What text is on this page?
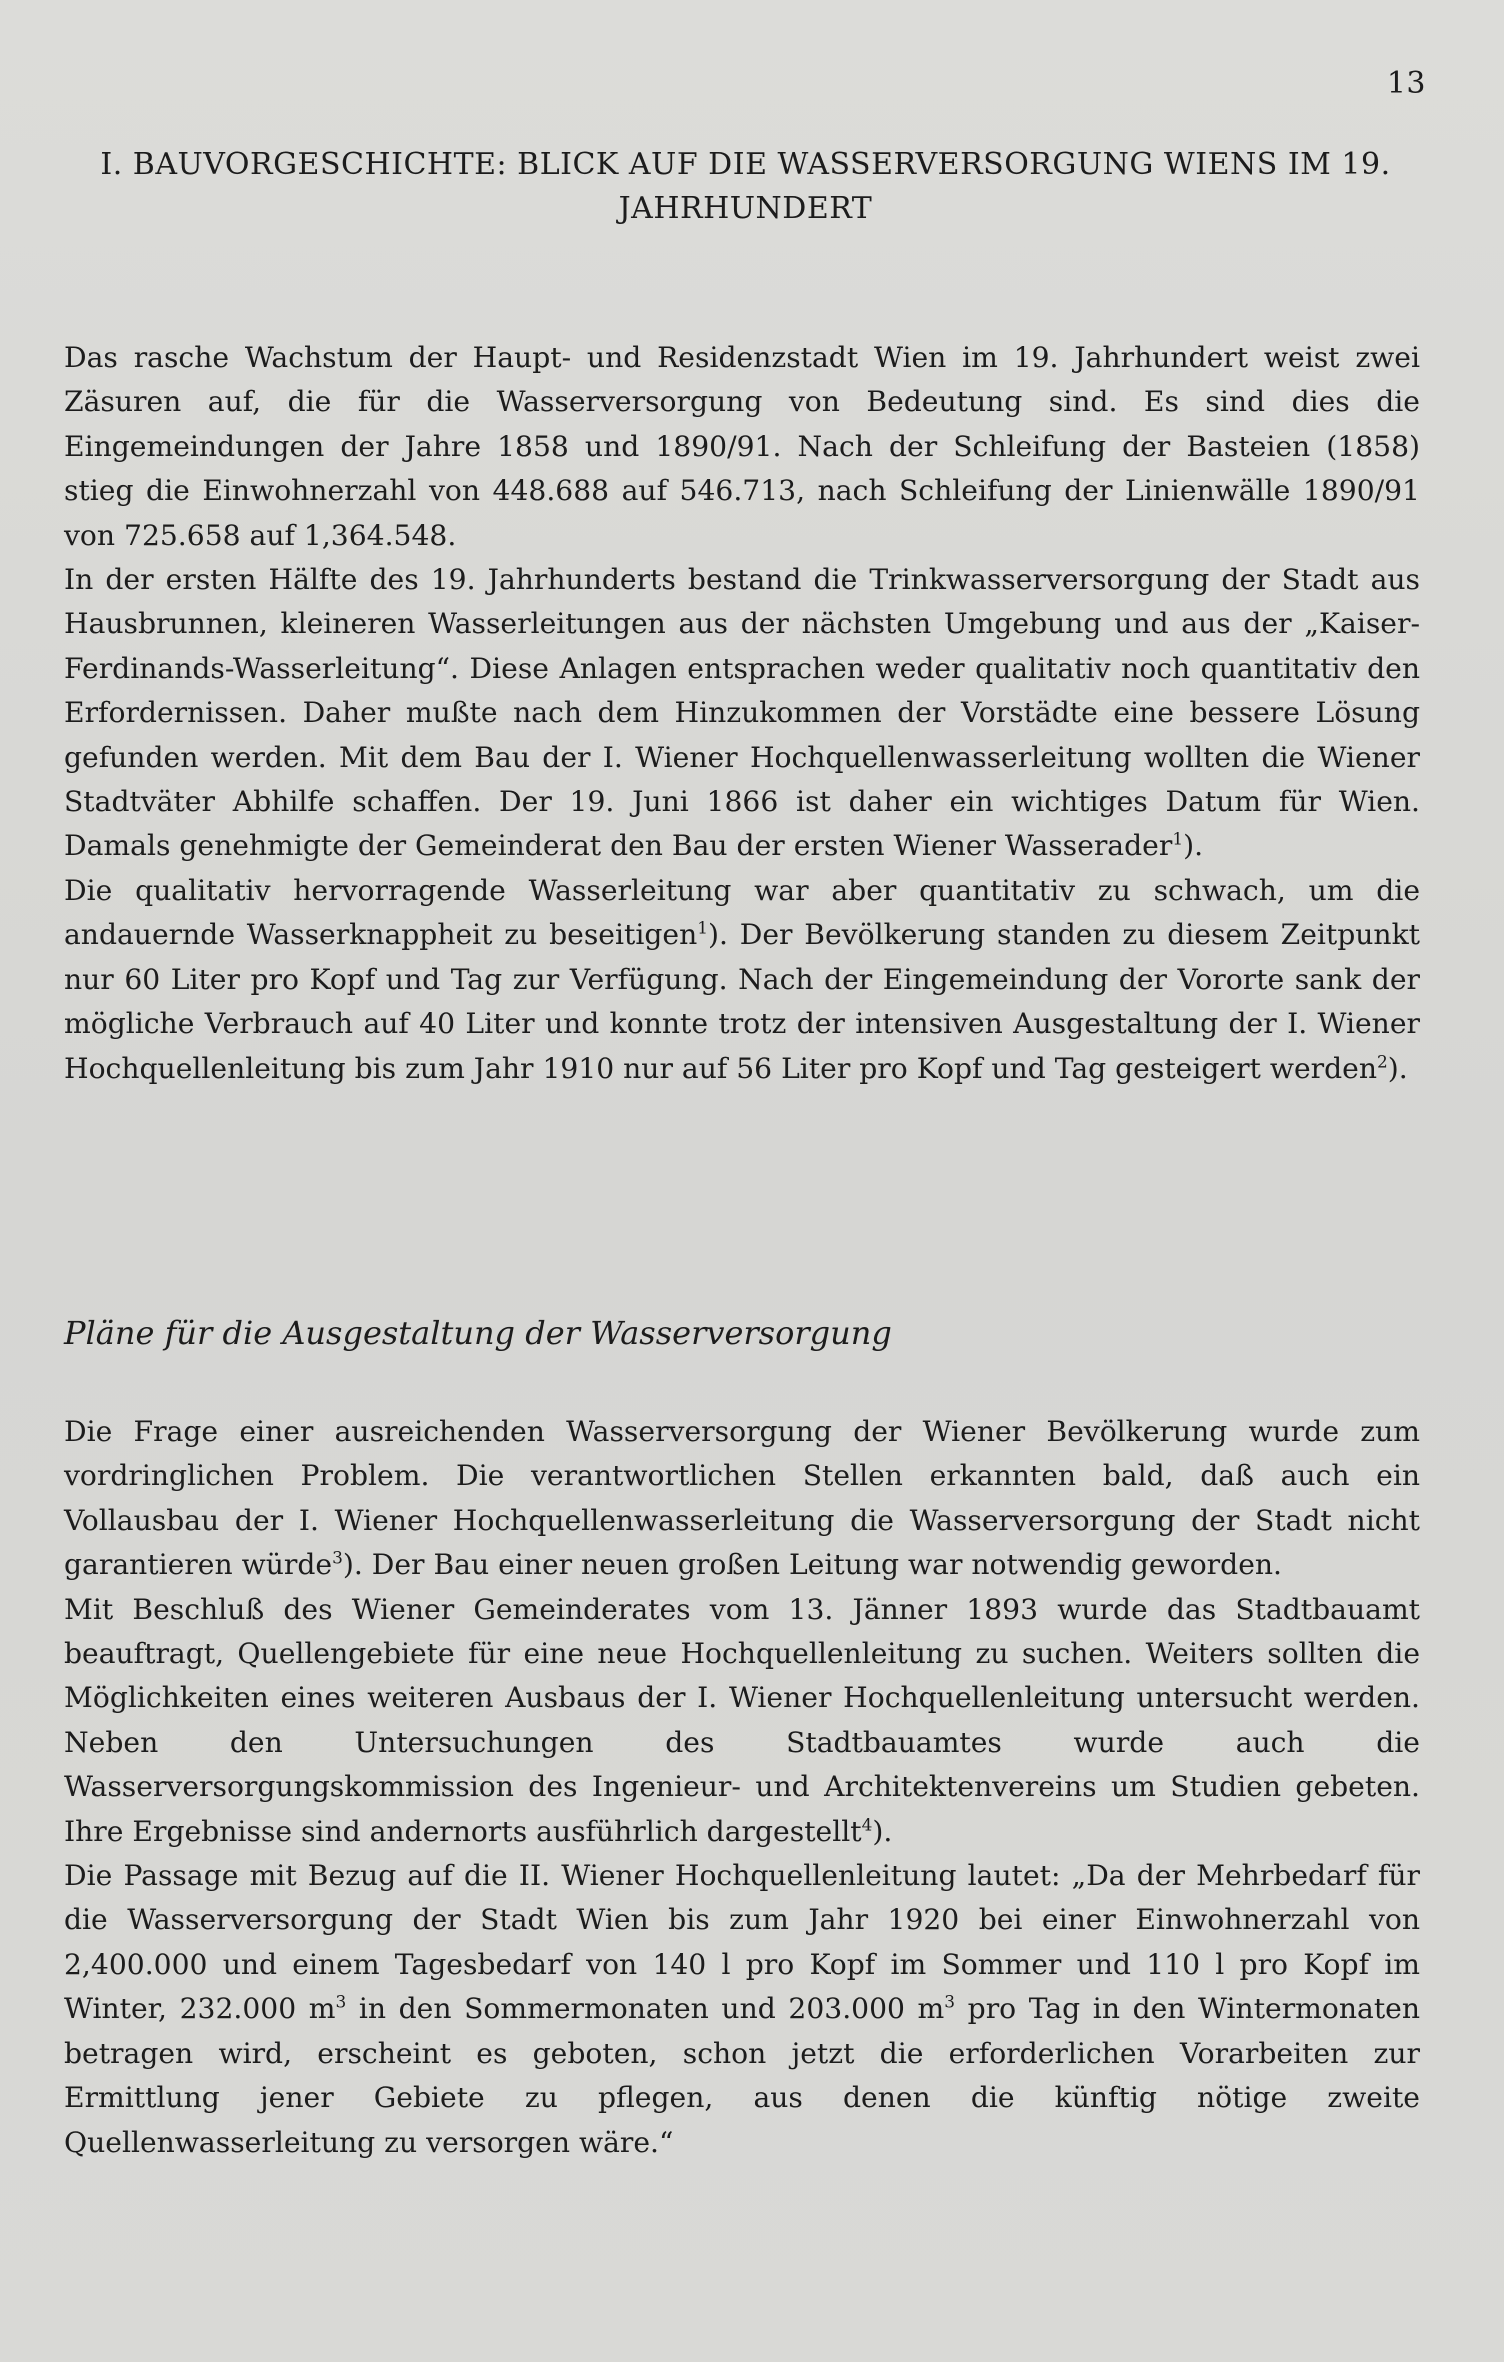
13
I. BAUVORGESCHICHTE: BLICK AUF DIE WASSERVERSORGUNG WIENS IM 19. JAHRHUNDERT

Das rasche Wachstum der Haupt- und Residenzstadt Wien im 19. Jahrhundert weist zwei Zäsuren auf, die für die Wasserversorgung von Bedeutung sind. Es sind dies die Eingemeindungen der Jahre 1858 und 1890/91. Nach der Schleifung der Basteien (1858) stieg die Einwohnerzahl von 448.688 auf 546.713, nach Schleifung der Linienwälle 1890/91 von 725.658 auf 1,364.548.

In der ersten Hälfte des 19. Jahrhunderts bestand die Trinkwasserversorgung der Stadt aus Hausbrunnen, kleineren Wasserleitungen aus der nächsten Umgebung und aus der „Kaiser-Ferdinands-Wasserleitung“. Diese Anlagen entsprachen weder qualitativ noch quantitativ den Erfordernissen. Daher mußte nach dem Hinzukommen der Vorstädte eine bessere Lösung gefunden werden. Mit dem Bau der I. Wiener Hochquellenwasserleitung wollten die Wiener Stadtväter Abhilfe schaffen. Der 19. Juni 1866 ist daher ein wichtiges Datum für Wien. Damals genehmigte der Gemeinderat den Bau der ersten Wiener Wasserader$^1$).

Die qualitativ hervorragende Wasserleitung war aber quantitativ zu schwach, um die andauernde Wasserknappheit zu beseitigen$^1$). Der Bevölkerung standen zu diesem Zeitpunkt nur 60 Liter pro Kopf und Tag zur Verfügung. Nach der Eingemeindung der Vororte sank der mögliche Verbrauch auf 40 Liter und konnte trotz der intensiven Ausgestaltung der I. Wiener Hochquellenleitung bis zum Jahr 1910 nur auf 56 Liter pro Kopf und Tag gesteigert werden$^2$).

Pläne für die Ausgestaltung der Wasserversorgung

Die Frage einer ausreichenden Wasserversorgung der Wiener Bevölkerung wurde zum vordringlichen Problem. Die verantwortlichen Stellen erkannten bald, daß auch ein Vollausbau der I. Wiener Hochquellenwasserleitung die Wasserversorgung der Stadt nicht garantieren würde$^3$). Der Bau einer neuen großen Leitung war notwendig geworden.

Mit Beschluß des Wiener Gemeinderates vom 13. Jänner 1893 wurde das Stadtbauamt beauftragt, Quellengebiete für eine neue Hochquellenleitung zu suchen. Weiters sollten die Möglichkeiten eines weiteren Ausbaus der I. Wiener Hochquellenleitung untersucht werden. Neben den Untersuchungen des Stadtbauamtes wurde auch die Wasserversorgungskommission des Ingenieur- und Architektenvereins um Studien gebeten. Ihre Ergebnisse sind andernorts ausführlich dargestellt$^4$).

Die Passage mit Bezug auf die II. Wiener Hochquellenleitung lautet: „Da der Mehrbedarf für die Wasserversorgung der Stadt Wien bis zum Jahr 1920 bei einer Einwohnerzahl von 2,400.000 und einem Tagesbedarf von 140 l pro Kopf im Sommer und 110 l pro Kopf im Winter, 232.000 $m^3$ in den Sommermonaten und 203.000 $m^3$ pro Tag in den Wintermonaten betragen wird, erscheint es geboten, schon jetzt die erforderlichen Vorarbeiten zur Ermittlung jener Gebiete zu pflegen, aus denen die künftig nötige zweite Quellenwasserleitung zu versorgen wäre.“
